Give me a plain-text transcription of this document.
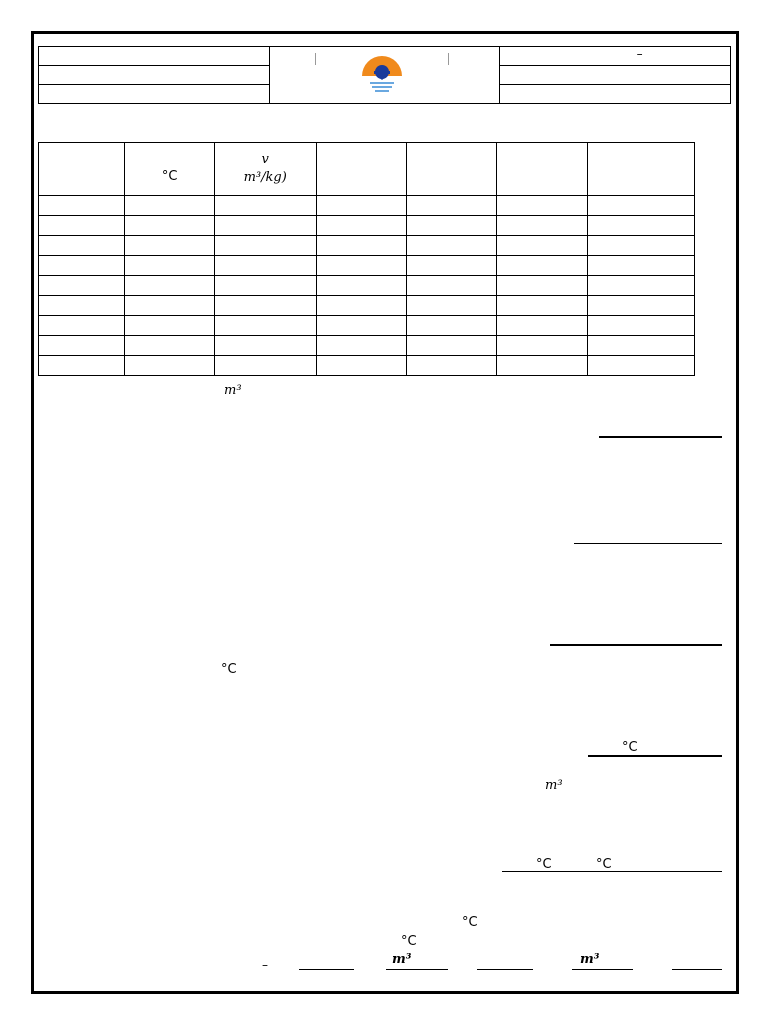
–

	°C	v
m³/kg)				

m³
°C
°C
m³
°C	°C
°C
°C
–	m³	m³
